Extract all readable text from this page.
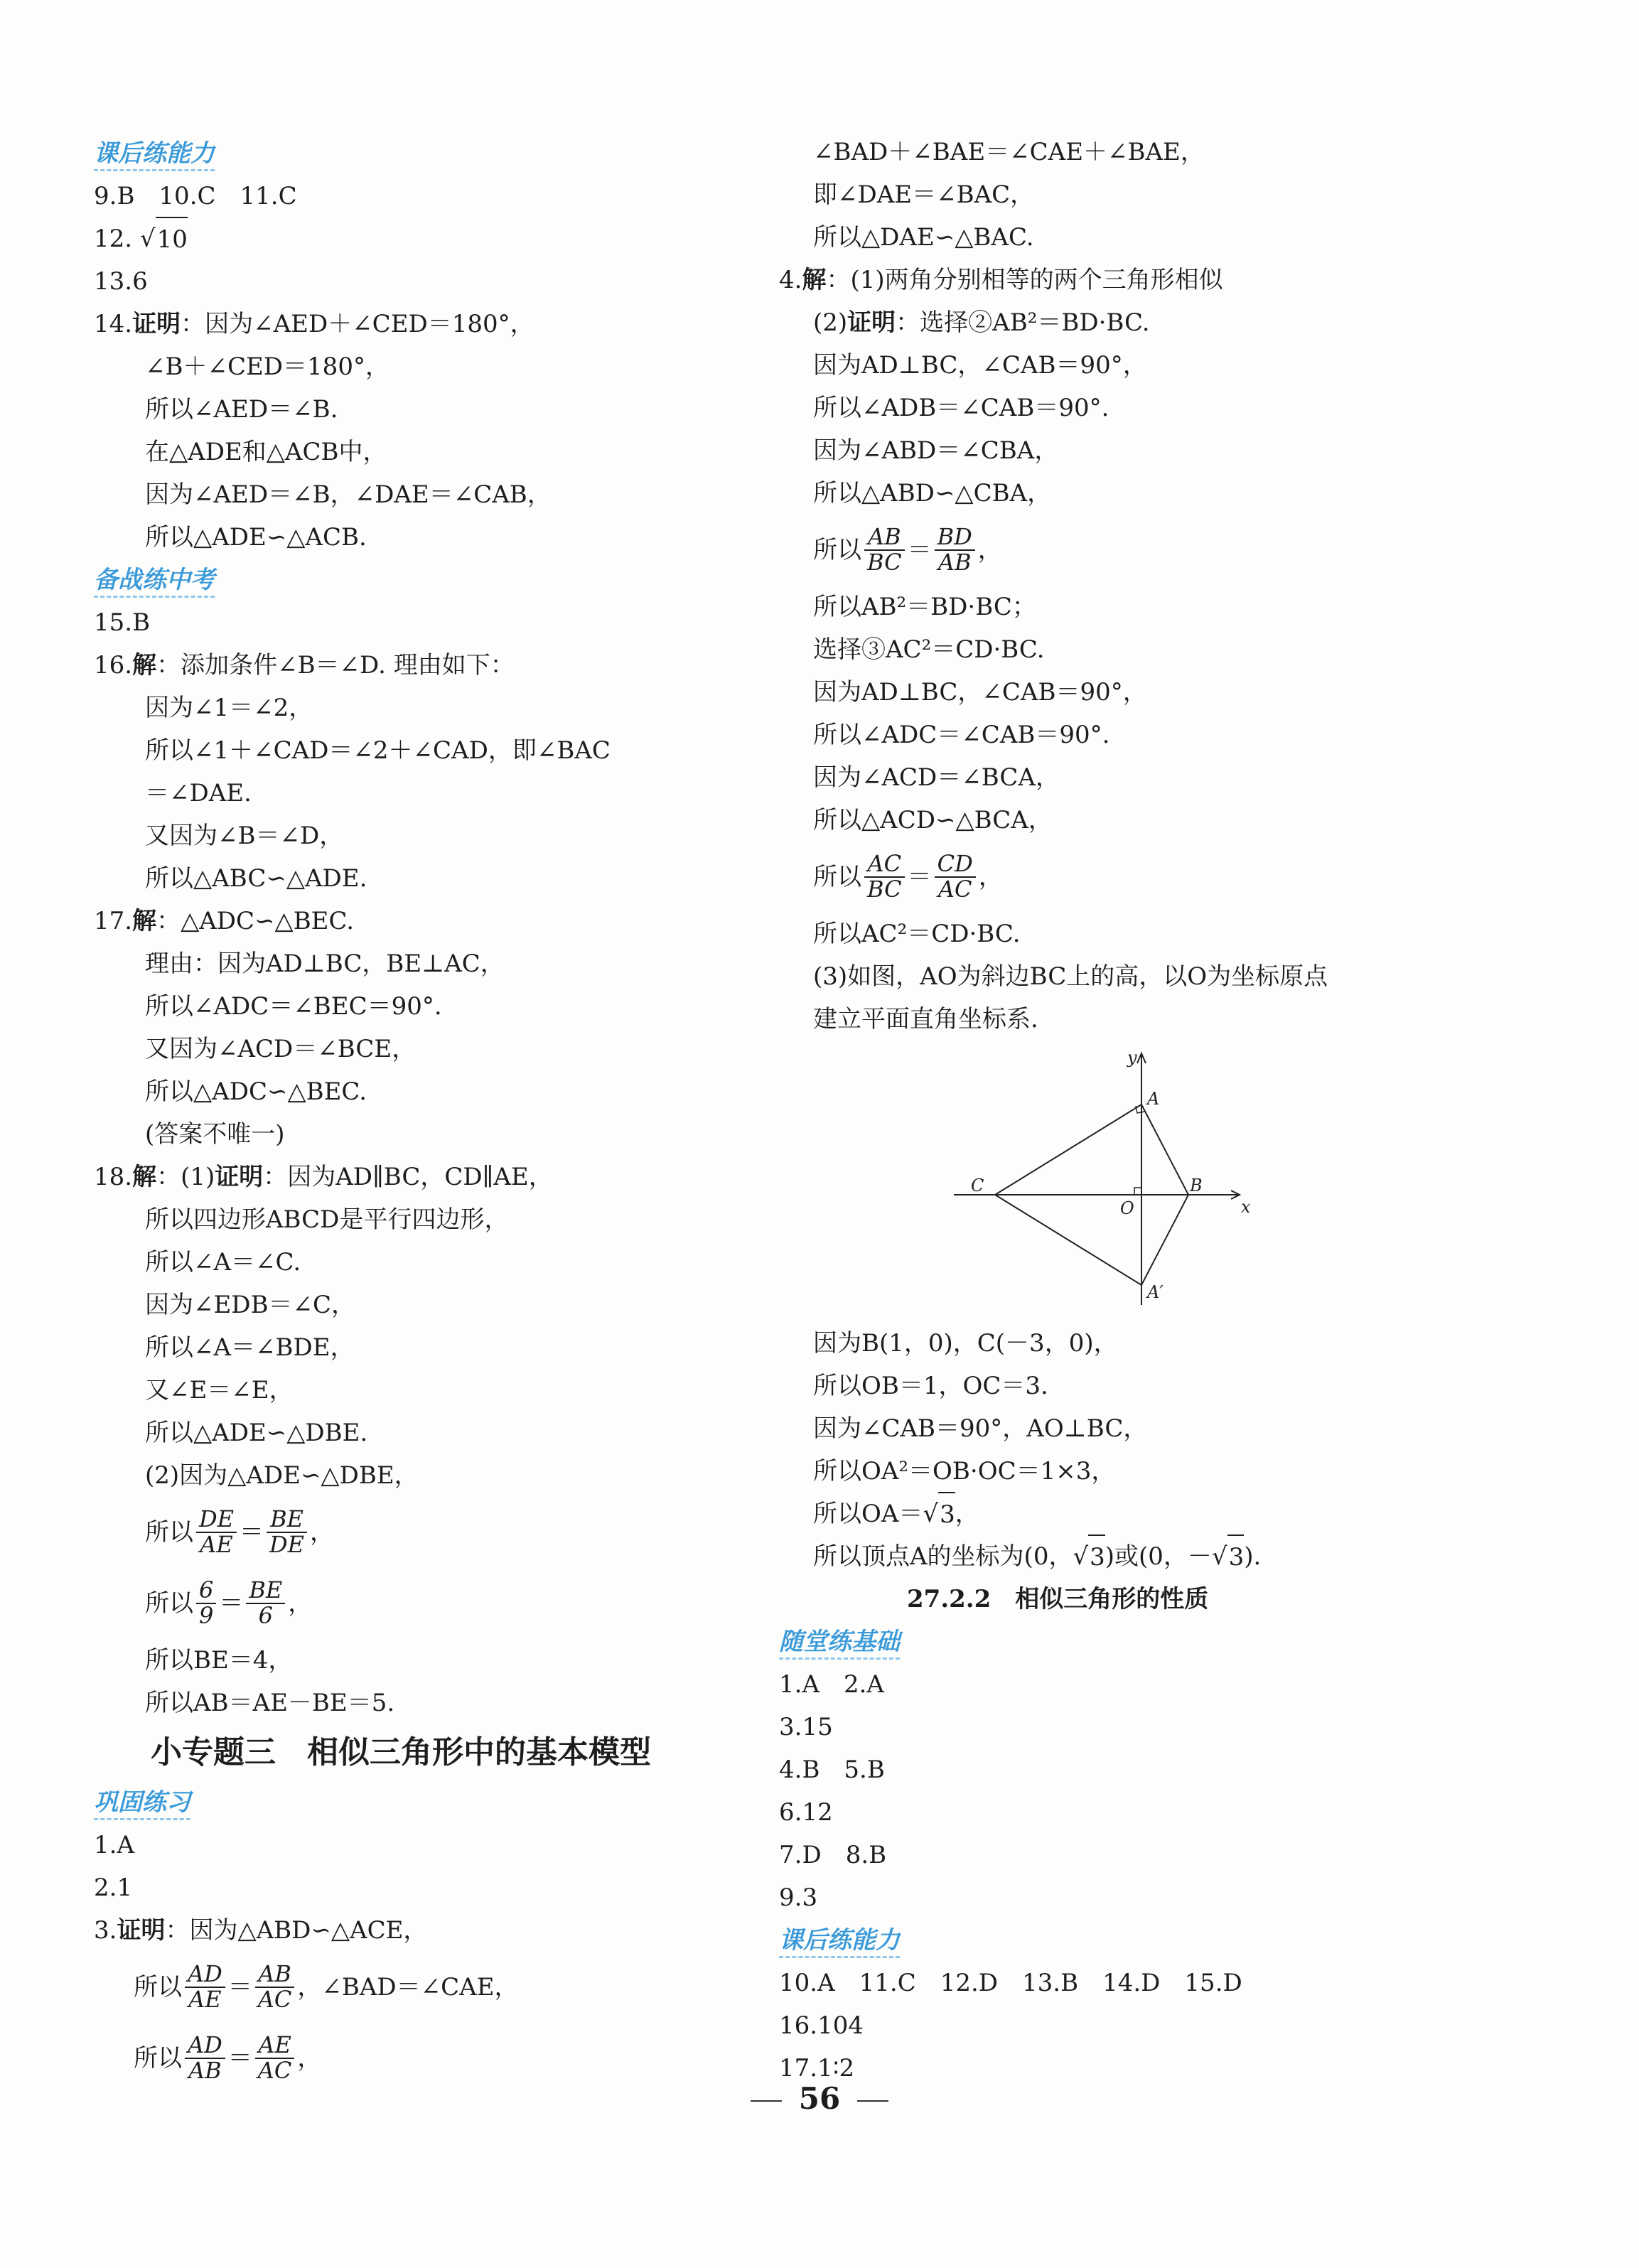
课后练能力
9.B　10.C　11.C
12. √ 10
13.6
14. 证明 ：因为∠AED＋∠CED＝180°，
∠B＋∠CED＝180°，
所以∠AED＝∠B.
在△ADE和△ACB中，
因为∠AED＝∠B，∠DAE＝∠CAB，
所以△ADE∽△ACB.
备战练中考
15.B
16. 解 ：添加条件∠B＝∠D. 理由如下：
因为∠1＝∠2，
所以∠1＋∠CAD＝∠2＋∠CAD，即∠BAC
＝∠DAE.
又因为∠B＝∠D，
所以△ABC∽△ADE.
17. 解 ：△ADC∽△BEC.
理由：因为AD⊥BC，BE⊥AC，
所以∠ADC＝∠BEC＝90°.
又因为∠ACD＝∠BCE，
所以△ADC∽△BEC.
(答案不唯一)
18. 解 ：(1) 证明 ：因为AD∥BC，CD∥AE，
所以四边形ABCD是平行四边形，
所以∠A＝∠C.
因为∠EDB＝∠C，
所以∠A＝∠BDE，
又∠E＝∠E，
所以△ADE∽△DBE.
(2)因为△ADE∽△DBE，
所以 $\frac{DE}{AE} = \frac{BE}{DE}$ ，
所以 $\frac{6}{9} = \frac{BE}{6}$ ，
所以BE＝4，
所以AB＝AE－BE＝5.
小专题三　相似三角形中的基本模型
巩固练习
1.A
2.1
3. 证明 ：因为△ABD∽△ACE，
所以 $\frac{AD}{AE} = \frac{AB}{AC}$ ，∠BAD＝∠CAE，
所以 $\frac{AD}{AB} = \frac{AE}{AC}$ ，
∠BAD＋∠BAE＝∠CAE＋∠BAE，
即∠DAE＝∠BAC，
所以△DAE∽△BAC.
4. 解 ：(1)两角分别相等的两个三角形相似
(2) 证明 ：选择②AB²＝BD·BC.
因为AD⊥BC，∠CAB＝90°，
所以∠ADB＝∠CAB＝90°.
因为∠ABD＝∠CBA，
所以△ABD∽△CBA，
所以 $\frac{AB}{BC} = \frac{BD}{AB}$ ，
所以AB²＝BD·BC；
选择③AC²＝CD·BC.
因为AD⊥BC，∠CAB＝90°，
所以∠ADC＝∠CAB＝90°.
因为∠ACD＝∠BCA，
所以△ACD∽△BCA，
所以 $\frac{AC}{BC} = \frac{CD}{AC}$ ，
所以AC²＝CD·BC.
(3)如图，AO为斜边BC上的高，以O为坐标原点
建立平面直角坐标系.
y
x
A
B
C
O
A′
因为B(1，0)，C(－3，0)，
所以OB＝1，OC＝3.
因为∠CAB＝90°，AO⊥BC，
所以OA²＝OB·OC＝1×3，
所以OA＝ √ 3 ，
所以顶点A的坐标为(0， √ 3 )或(0，－ √ 3 ).
27.2.2　相似三角形的性质
随堂练基础
1.A　2.A
3.15
4.B　5.B
6.12
7.D　8.B
9.3
课后练能力
10.A　11.C　12.D　13.B　14.D　15.D
16.104
17.1∶2
56
